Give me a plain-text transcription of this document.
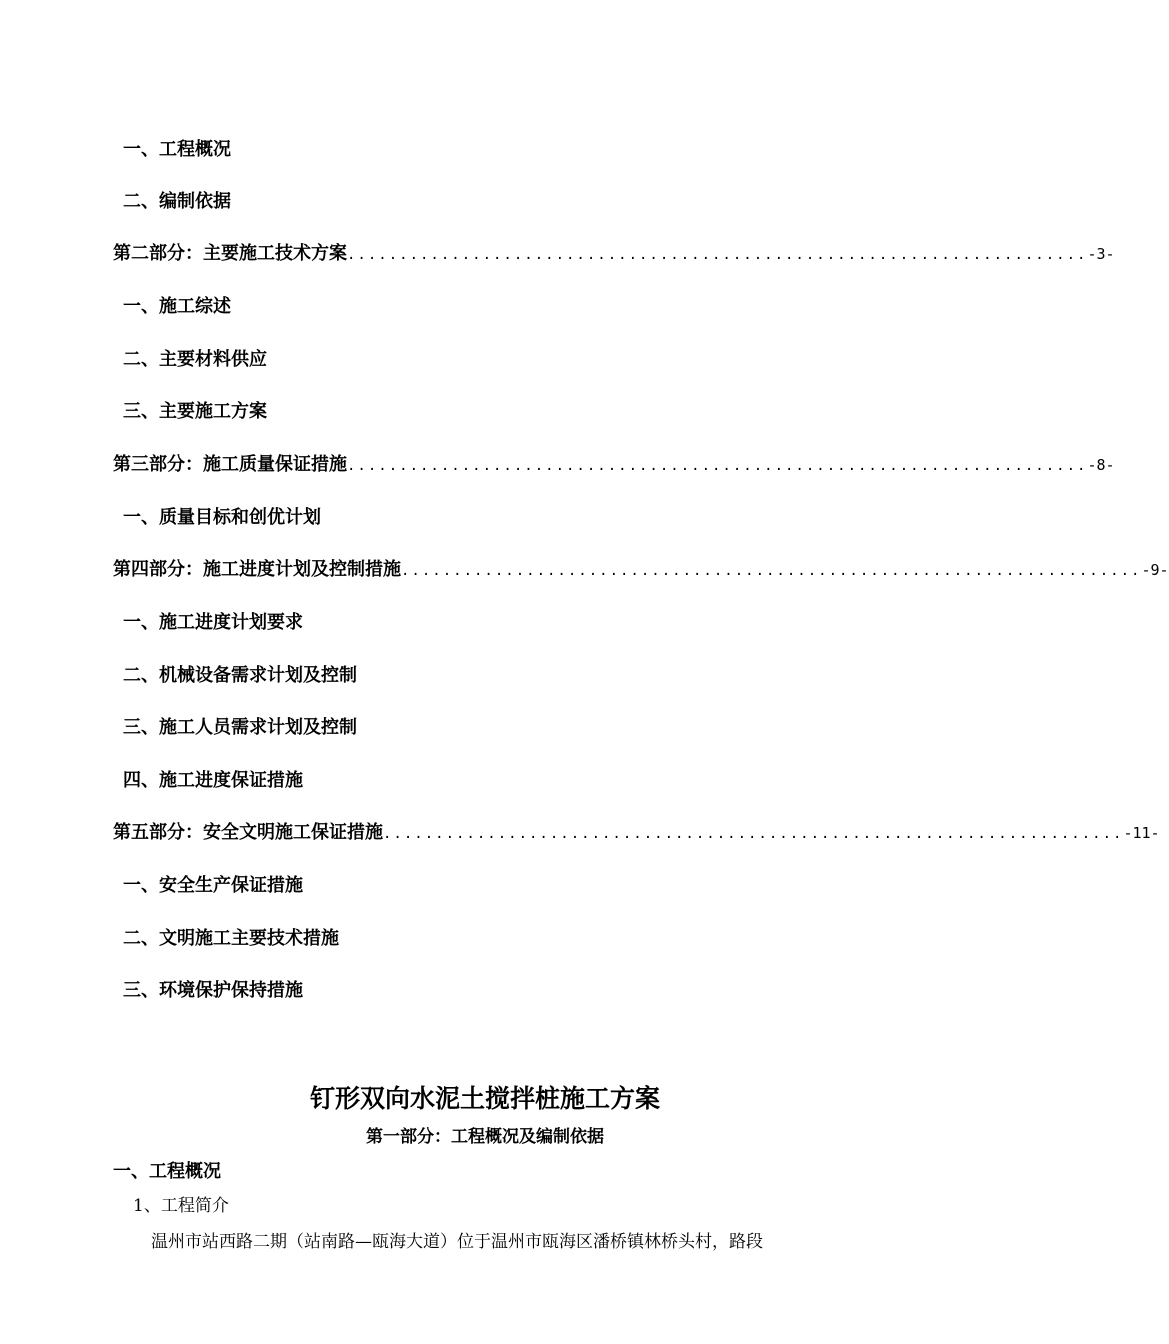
一、工程概况
二、编制依据
第二部分：主要施工技术方案 ....................................................................... -3-
一、施工综述
二、主要材料供应
三、主要施工方案
第三部分：施工质量保证措施 ....................................................................... -8-
一、质量目标和创优计划
第四部分：施工进度计划及控制措施 ....................................................................... -9-
一、施工进度计划要求
二、机械设备需求计划及控制
三、施工人员需求计划及控制
四、施工进度保证措施
第五部分：安全文明施工保证措施 ....................................................................... -11-
一、安全生产保证措施
二、文明施工主要技术措施
三、环境保护保持措施
钉形双向水泥土搅拌桩施工方案
第一部分：工程概况及编制依据
一、工程概况
1、工程简介
温州市站西路二期（站南路—瓯海大道）位于温州市瓯海区潘桥镇林桥头村，路段
